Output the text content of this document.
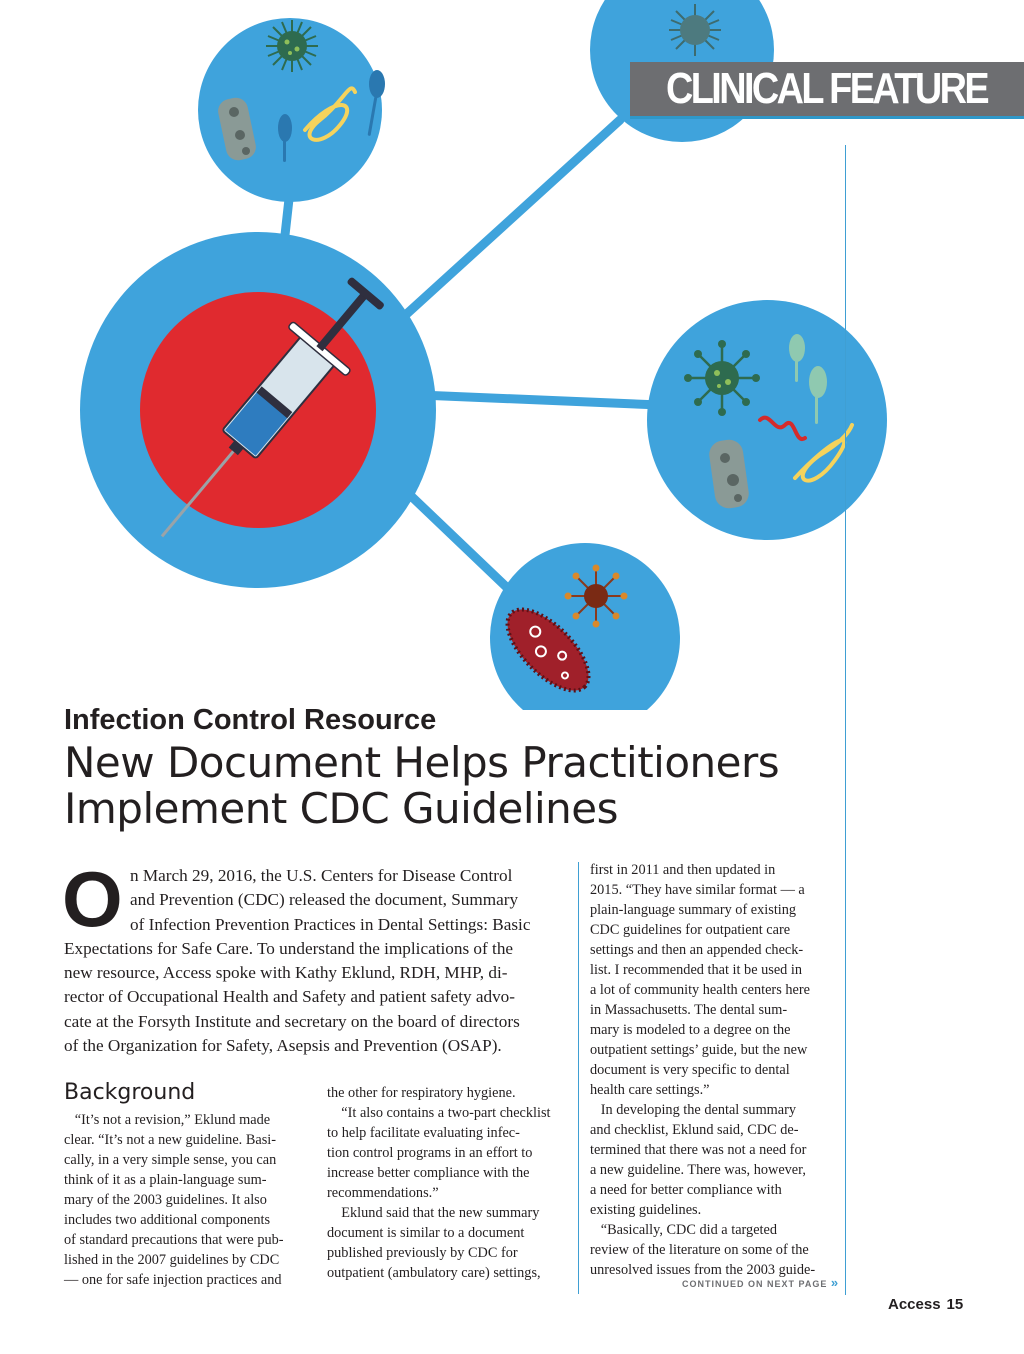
CLINICAL FEATURE
Infection Control Resource
New Document Helps Practitioners
Implement CDC Guidelines
O n March 29, 2016, the U.S. Centers for Disease Control
and Prevention (CDC) released the document, Summary
of Infection Prevention Practices in Dental Settings: Basic
Expectations for Safe Care. To understand the implications of the
new resource, Access spoke with Kathy Eklund, RDH, MHP, di-
rector of Occupational Health and Safety and patient safety advo-
cate at the Forsyth Institute and secretary on the board of directors
of the Organization for Safety, Asepsis and Prevention (OSAP).
Background
“It’s not a revision,” Eklund made
clear. “It’s not a new guideline. Basi-
cally, in a very simple sense, you can
think of it as a plain-language sum-
mary of the 2003 guidelines. It also
includes two additional components
of standard precautions that were pub-
lished in the 2007 guidelines by CDC
— one for safe injection practices and
the other for respiratory hygiene.
“It also contains a two-part checklist
to help facilitate evaluating infec-
tion control programs in an effort to
increase better compliance with the
recommendations.”
Eklund said that the new summary
document is similar to a document
published previously by CDC for
outpatient (ambulatory care) settings,
first in 2011 and then updated in
2015. “They have similar format — a
plain-language summary of existing
CDC guidelines for outpatient care
settings and then an appended check-
list. I recommended that it be used in
a lot of community health centers here
in Massachusetts. The dental sum-
mary is modeled to a degree on the
outpatient settings’ guide, but the new
document is very specific to dental
health care settings.”
In developing the dental summary
and checklist, Eklund said, CDC de-
termined that there was not a need for
a new guideline. There was, however,
a need for better compliance with
existing guidelines.
“Basically, CDC did a targeted
review of the literature on some of the
unresolved issues from the 2003 guide-
CONTINUED ON NEXT PAGE »
Access 15
